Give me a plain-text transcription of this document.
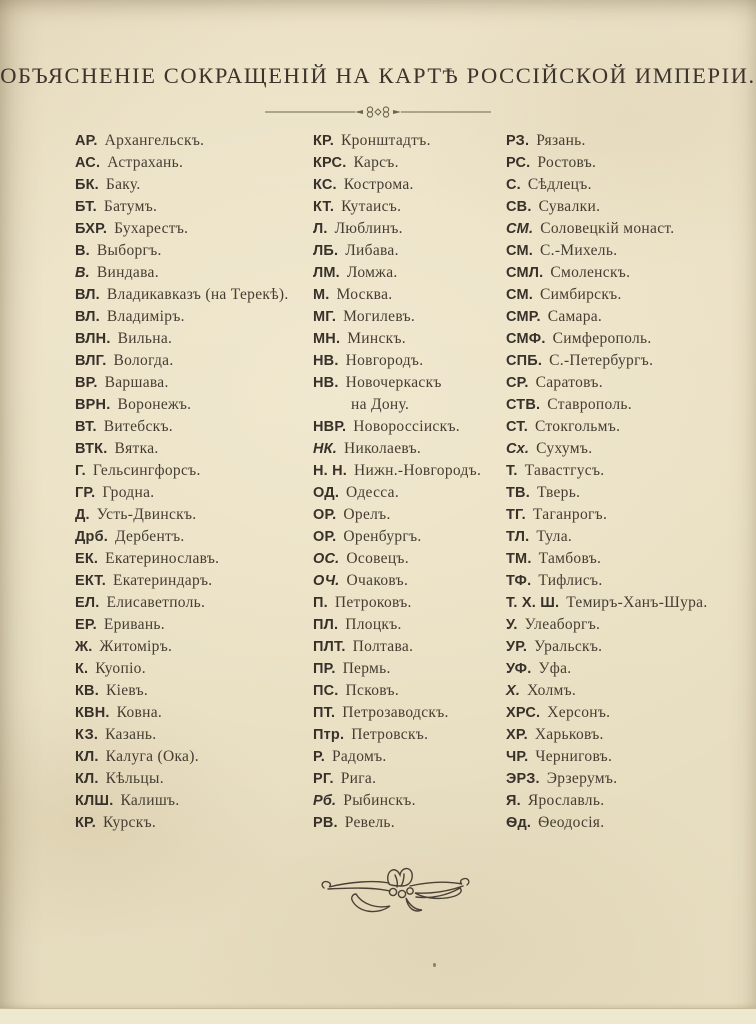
ОБЪЯСНЕНІЕ СОКРАЩЕНІЙ НА КАРТѢ РОССІЙСКОЙ ИМПЕРІИ.
АР. Архангельскъ.
АС. Астрахань.
БК. Баку.
БТ. Батумъ.
БХР. Бухарестъ.
В. Выборгъ.
В. Виндава.
ВЛ. Владикавказъ (на Терекѣ).
ВЛ. Владимiръ.
ВЛН. Вильна.
ВЛГ. Вологда.
ВР. Варшава.
ВРН. Воронежъ.
ВТ. Витебскъ.
ВТК. Вятка.
Г. Гельсингфорсъ.
ГР. Гродна.
Д. Усть-Двинскъ.
Дрб. Дербентъ.
ЕК. Екатеринославъ.
ЕКТ. Екатериндаръ.
ЕЛ. Елисаветполь.
ЕР. Еривань.
Ж. Житомiръ.
К. Куопiо.
КВ. Кiевъ.
КВН. Ковна.
КЗ. Казань.
КЛ. Калуга (Ока).
КЛ. Кѣльцы.
КЛШ. Калишъ.
КР. Курскъ.
КР. Кронштадтъ.
КРС. Карсъ.
КС. Кострома.
КТ. Кутаисъ.
Л. Люблинъ.
ЛБ. Либава.
ЛМ. Ломжа.
М. Москва.
МГ. Могилевъ.
МН. Минскъ.
НВ. Новгородъ.
НВ. Новочеркаскъ
на Дону.
НВР. Новороссіискъ.
НК. Николаевъ.
Н. Н. Нижн.-Новгородъ.
ОД. Одесса.
ОР. Орелъ.
ОР. Оренбургъ.
ОС. Осовецъ.
ОЧ. Очаковъ.
П. Петроковъ.
ПЛ. Плоцкъ.
ПЛТ. Полтава.
ПР. Пермь.
ПС. Псковъ.
ПТ. Петрозаводскъ.
Птр. Петровскъ.
Р. Радомъ.
РГ. Рига.
Рб. Рыбинскъ.
РВ. Ревель.
РЗ. Рязань.
РС. Ростовъ.
С. Сѣдлецъ.
СВ. Сувалки.
СМ. Соловецкій монаст.
СМ. С.-Михель.
СМЛ. Смоленскъ.
СМ. Симбирскъ.
СМР. Самара.
СМФ. Симферополь.
СПБ. С.-Петербургъ.
СР. Саратовъ.
СТВ. Ставрополь.
СТ. Стокгольмъ.
Сх. Сухумъ.
Т. Тавастгусъ.
ТВ. Тверь.
ТГ. Таганрогъ.
ТЛ. Тула.
ТМ. Тамбовъ.
ТФ. Тифлисъ.
Т. Х. Ш. Темиръ-Ханъ-Шура.
У. Улеаборгъ.
УР. Уральскъ.
УФ. Уфа.
Х. Холмъ.
ХРС. Херсонъ.
ХР. Харьковъ.
ЧР. Черниговъ.
ЭРЗ. Эрзерумъ.
Я. Ярославль.
Ѳд. Ѳеодосія.
